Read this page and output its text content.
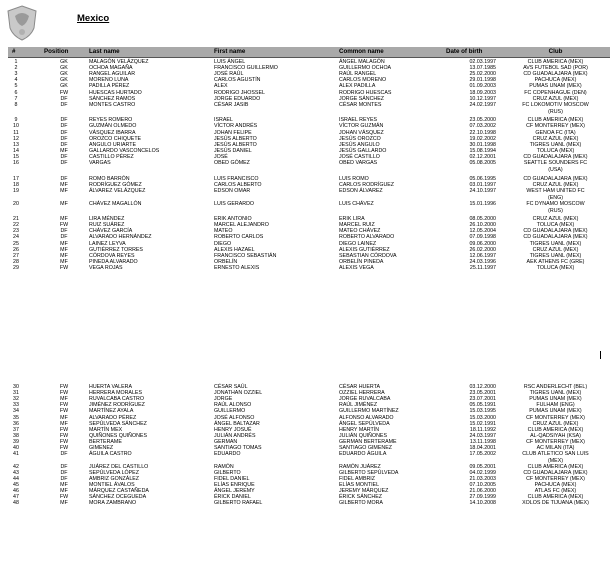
Mexico
#	Position	Last name	First name	Common name	Date of birth	Club
1	GK	MALAGÓN VELÁZQUEZ	LUIS ÁNGEL	ÁNGEL MALAGÓN	02.03.1997	CLUB AMERICA (MEX)
2	GK	OCHOA MAGAÑA	FRANCISCO GUILLERMO	GUILLERMO OCHOA	13.07.1985	AVS FUTEBOL SAD (POR)
3	GK	RANGEL AGUILAR	JOSÉ RAÚL	RAÚL RANGEL	25.02.2000	CD GUADALAJARA (MEX)
4	GK	MORENO LUNA	CARLOS AGUSTÍN	CARLOS MORENO	29.01.1998	PACHUCA (MEX)
5	GK	PADILLA PÉREZ	ALEX	ALEX PADILLA	01.09.2003	PUMAS UNAM (MEX)
6	FW	HUESCAS HURTADO	RODRIGO JHOSSEL	RODRIGO HUESCAS	18.09.2003	FC COPENHAGUE (DEN)
7	DF	SÁNCHEZ RAMOS	JORGE EDUARDO	JORGE SÁNCHEZ	10.12.1997	CRUZ AZUL (MEX)
8	DF	MONTES CASTRO	CÉSAR JASIB	CÉSAR MONTES	24.02.1997	FC LOKOMOTIV MOSCOW
(RUS)
9	DF	REYES ROMERO	ISRAEL	ISRAEL REYES	23.05.2000	CLUB AMERICA (MEX)
10	DF	GUZMÁN OLMEDO	VÍCTOR ANDRÉS	VÍCTOR GUZMÁN	07.03.2002	CF MONTERREY (MEX)
11	DF	VÁSQUEZ IBARRA	JOHAN FELIPE	JOHAN VÁSQUEZ	22.10.1998	GENOA FC (ITA)
12	DF	OROZCO CHIQUETE	JESÚS ALBERTO	JESÚS OROZCO	19.02.2002	CRUZ AZUL (MEX)
13	DF	ANGULO URIARTE	JESÚS ALBERTO	JESÚS ANGULO	30.01.1998	TIGRES UANL (MEX)
14	MF	GALLARDO VASCONCELOS	JESÚS DANIEL	JESÚS GALLARDO	15.08.1994	TOLUCA (MEX)
15	DF	CASTILLO PÉREZ	JOSÉ	JOSÉ CASTILLO	02.12.2001	CD GUADALAJARA (MEX)
16	DF	VARGAS	OBED GÓMEZ	OBED VARGAS	05.08.2005	SEATTLE SOUNDERS FC
(USA)
17	DF	ROMO BARRÓN	LUIS FRANCISCO	LUIS ROMO	05.06.1995	CD GUADALAJARA (MEX)
18	MF	RODRÍGUEZ GÓMEZ	CARLOS ALBERTO	CARLOS RODRÍGUEZ	03.01.1997	CRUZ AZUL (MEX)
19	MF	ÁLVAREZ VELÁZQUEZ	EDSON OMAR	EDSON ÁLVAREZ	24.10.1997	WEST HAM UNITED FC
(ENG)
20	MF	CHÁVEZ MAGALLÓN	LUIS GERARDO	LUIS CHÁVEZ	15.01.1996	FC DYNAMO MOSCOW
(RUS)
21	MF	LIRA MÉNDEZ	ERIK ANTONIO	ERIK LIRA	08.05.2000	CRUZ AZUL (MEX)
22	FW	RUIZ SUÁREZ	MARCEL ALEJANDRO	MARCEL RUIZ	26.10.2000	TOLUCA (MEX)
23	DF	CHÁVEZ GARCÍA	MATEO	MATEO CHÁVEZ	12.05.2004	CD GUADALAJARA (MEX)
24	DF	ALVARADO HERNÁNDEZ	ROBERTO CARLOS	ROBERTO ALVARADO	07.09.1998	CD GUADALAJARA (MEX)
25	MF	LAINEZ LEYVA	DIEGO	DIEGO LAINEZ	09.06.2000	TIGRES UANL (MEX)
26	MF	GUTIÉRREZ TORRES	ALEXIS HAZAEL	ALEXIS GUTIÉRREZ	26.02.2000	CRUZ AZUL (MEX)
27	MF	CÓRDOVA REYES	FRANCISCO SEBASTIÁN	SEBASTIAN CÓRDOVA	12.06.1997	TIGRES UANL (MEX)
28	MF	PINEDA ALVARADO	ORBELÍN	ORBELÍN PINEDA	24.03.1996	AEK ATHENS FC (GRE)
29	FW	VEGA ROJAS	ERNESTO ALEXIS	ALEXIS VEGA	25.11.1997	TOLUCA (MEX)
30	FW	HUERTA VALERA	CÉSAR SAÚL	CÉSAR HUERTA	03.12.2000	RSC ANDERLECHT (BEL)
31	FW	HERRERA MORALES	JONATHAN OZZIEL	OZZIEL HERRERA	23.05.2001	TIGRES UANL (MEX)
32	MF	RUVALCABA CASTRO	JORGE	JORGE RUVALCABA	23.07.2001	PUMAS UNAM (MEX)
33	FW	JIMÉNEZ RODRÍGUEZ	RAÚL ALONSO	RAÚL JIMÉNEZ	05.05.1991	FULHAM (ENG)
34	FW	MARTÍNEZ AYALA	GUILLERMO	GUILLERMO MARTÍNEZ	15.03.1995	PUMAS UNAM (MEX)
35	MF	ALVARADO PÉREZ	JOSÉ ALFONSO	ALFONSO ALVARADO	15.03.2000	CF MONTERREY (MEX)
36	MF	SEPÚLVEDA SÁNCHEZ	ÁNGEL BALTAZAR	ÁNGEL SEPÚLVEDA	15.02.1991	CRUZ AZUL (MEX)
37	FW	MARTÍN MEX	HENRY JOSUÉ	HENRY MARTÍN	18.11.1992	CLUB AMERICA (MEX)
38	FW	QUIÑONES QUIÑONES	JULIÁN ANDRÉS	JULIÁN QUIÑONES	24.03.1997	AL-QADSIYAH (KSA)
39	FW	BERTERAME	GERMAN	GERMAN BERTERAME	13.11.1998	CF MONTERREY (MEX)
40	FW	GIMENEZ	SANTIAGO TOMAS	SANTIAGO GIMENEZ	18.04.2001	AC MILAN (ITA)
41	DF	ÁGUILA CASTRO	EDUARDO	EDUARDO ÁGUILA	17.05.2002	CLUB ATLETICO SAN LUIS
(MEX)
42	DF	JUÁREZ DEL CASTILLO	RAMÓN	RAMÓN JUÁREZ	09.05.2001	CLUB AMERICA (MEX)
43	DF	SEPÚLVEDA LÓPEZ	GILBERTO	GILBERTO SEPÚLVEDA	04.02.1999	CD GUADALAJARA (MEX)
44	DF	AMBRIZ GONZÁLEZ	FIDEL DANIEL	FIDEL AMBRIZ	21.03.2003	CF MONTERREY (MEX)
45	MF	MONTIEL ÁVALOS	ELÍAS ENRIQUE	ELÍAS MONTIEL	07.10.2005	PACHUCA (MEX)
46	MF	MÁRQUEZ CASTAÑEDA	ÁNGEL JEREMY	JEREMY MÁRQUEZ	21.06.2000	ATLAS FC (MEX)
47	FW	SÁNCHEZ OCEGUEDA	ÉRICK DANIEL	ÉRICK SÁNCHEZ	27.09.1999	CLUB AMERICA (MEX)
48	MF	MORA ZAMBRANO	GILBERTO RAFAEL	GILBERTO MORA	14.10.2008	XOLOS DE TIJUANA (MEX)
